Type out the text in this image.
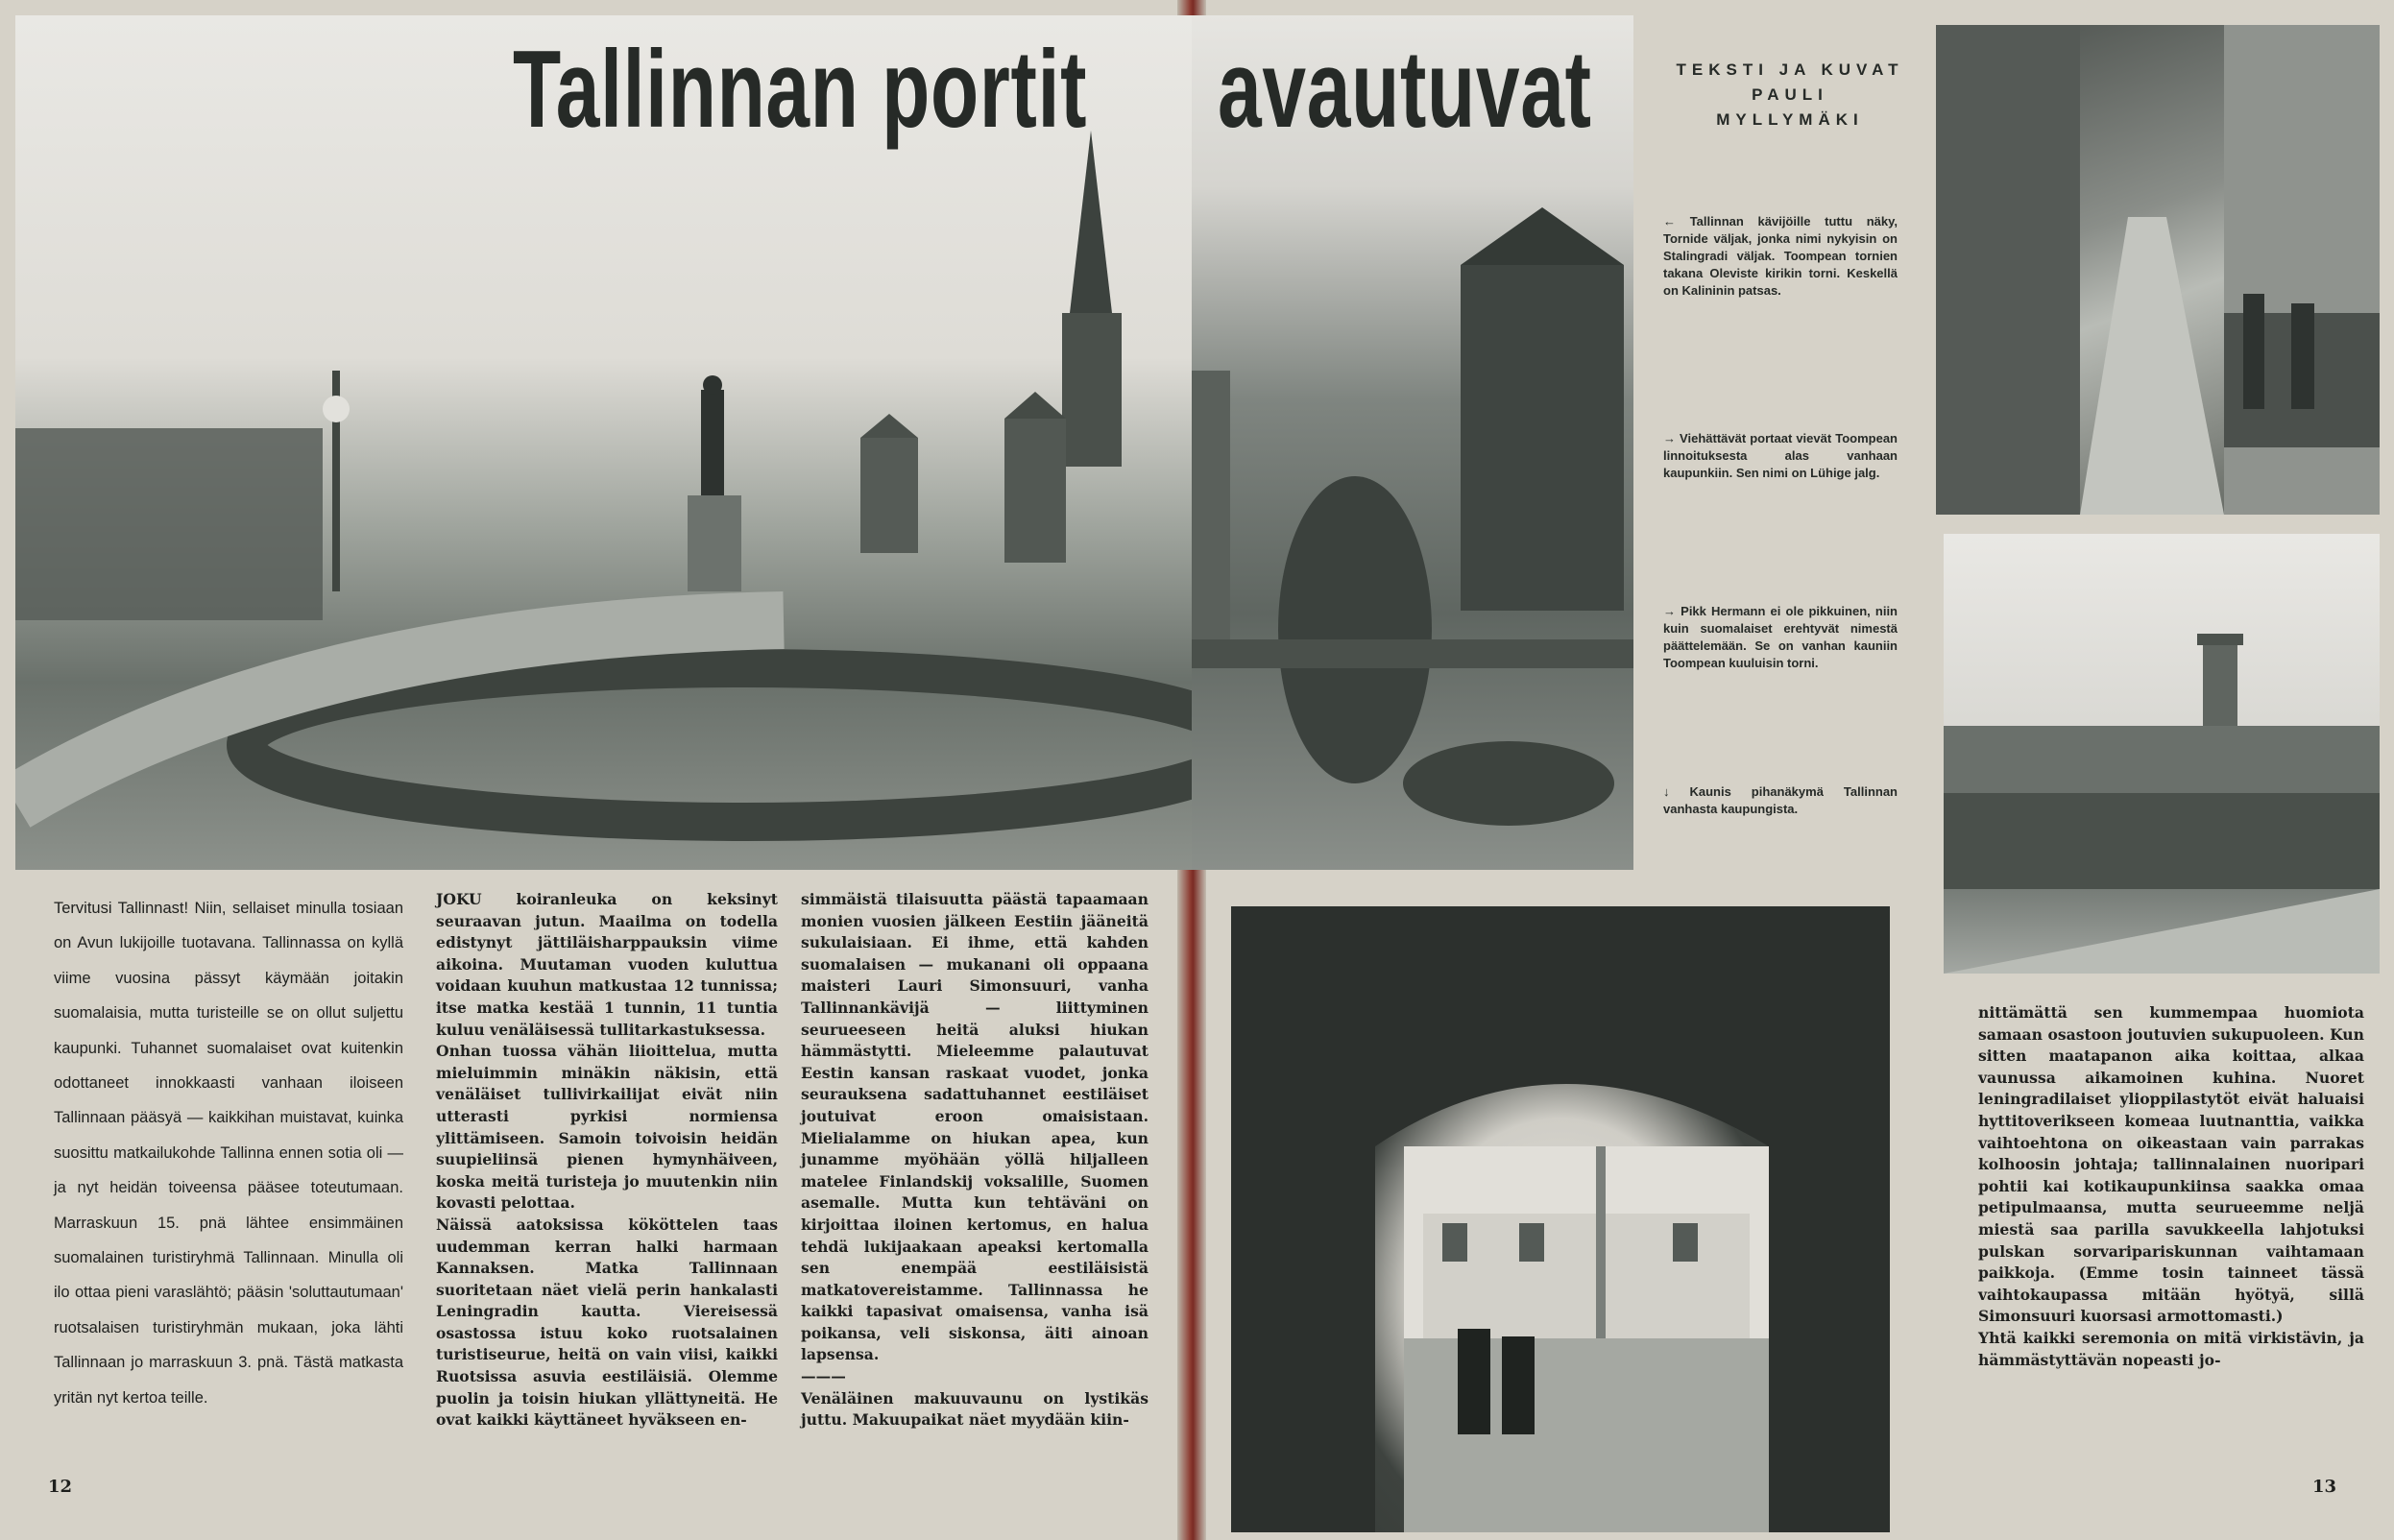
Tallinnan portit avautuvat	TEKSTI JA KUVAT
PAULI MYLLYMÄKI
← Tallinnan kävijöille tuttu näky, Tornide väljak, jonka nimi nykyisin on Stalingradi väljak. Toompean tornien takana Oleviste kirikin torni. Keskellä on Kalininin patsas.
→ Viehättävät portaat vievät Toompean linnoituksesta alas vanhaan kaupunkiin. Sen nimi on Lühige jalg.
→ Pikk Hermann ei ole pikkuinen, niin kuin suomalaiset erehtyvät nimestä päättelemään. Se on vanhan kauniin Toompean kuuluisin torni.
↓ Kaunis pihanäkymä Tallinnan vanhasta kaupungista.
Tervitusi Tallinnast! Niin, sellaiset minulla tosiaan on Avun lukijoille tuotavana. Tallinnassa on kyllä viime vuosina pässyt käymään joitakin suomalaisia, mutta turisteille se on ollut suljettu kaupunki. Tuhannet suomalaiset ovat kuitenkin odottaneet innokkaasti vanhaan iloiseen Tallinnaan pääsyä — kaikkihan muistavat, kuinka suosittu matkailukohde Tallinna ennen sotia oli — ja nyt heidän toiveensa pääsee toteutumaan. Marraskuun 15. pnä lähtee ensimmäinen suomalainen turistiryhmä Tallinnaan. Minulla oli ilo ottaa pieni varaslähtö; pääsin 'soluttautumaan' ruotsalaisen turistiryhmän mukaan, joka lähti Tallinnaan jo marraskuun 3. pnä. Tästä matkasta yritän nyt kertoa teille.
JOKU koiranleuka on keksinyt seuraavan jutun. Maailma on todella edistynyt jättiläisharppauksin viime aikoina. Muutaman vuoden kuluttua voidaan kuuhun matkustaa 12 tunnissa; itse matka kestää 1 tunnin, 11 tuntia kuluu venäläisessä tullitarkastuksessa.
Onhan tuossa vähän liioittelua, mutta mieluimmin minäkin näkisin, että venäläiset tullivirkailijat eivät niin utterasti pyrkisi normiensa ylittämiseen. Samoin toivoisin heidän suupieliinsä pienen hymynhäiveen, koska meitä turisteja jo muutenkin niin kovasti pelottaa.
Näissä aatoksissa kököttelen taas uudemman kerran halki harmaan Kannaksen. Matka Tallinnaan suoritetaan näet vielä perin hankalasti Leningradin kautta. Viereisessä osastossa istuu koko ruotsalainen turistiseurue, heitä on vain viisi, kaikki Ruotsissa asuvia eestiläisiä. Olemme puolin ja toisin hiukan yllättyneitä. He ovat kaikki käyttäneet hyväkseen en-
simmäistä tilaisuutta päästä tapaamaan monien vuosien jälkeen Eestiin jääneitä sukulaisiaan. Ei ihme, että kahden suomalaisen — mukanani oli oppaana maisteri Lauri Simonsuuri, vanha Tallinnankävijä — liittyminen seurueeseen heitä aluksi hiukan hämmästytti. Mieleemme palautuvat Eestin kansan raskaat vuodet, jonka seurauksena sadattuhannet eestiläiset joutuivat eroon omaisistaan. Mielialamme on hiukan apea, kun junamme myöhään yöllä hiljalleen matelee Finlandskij voksalille, Suomen asemalle. Mutta kun tehtäväni on kirjoittaa iloinen kertomus, en halua tehdä lukijaakaan apeaksi kertomalla sen enempää eestiläisistä matkatovereistamme. Tallinnassa he kaikki tapasivat omaisensa, vanha isä poikansa, veli siskonsa, äiti ainoan lapsensa.
———
Venäläinen makuuvaunu on lystikäs juttu. Makuupaikat näet myydään kiin-
nittämättä sen kummempaa huomiota samaan osastoon joutuvien sukupuoleen. Kun sitten maatapanon aika koittaa, alkaa vaunussa aikamoinen kuhina. Nuoret leningradilaiset ylioppilastytöt eivät haluaisi hyttitoverikseen komeaa luutnanttia, vaikka vaihtoehtona on oikeastaan vain parrakas kolhoosin johtaja; tallinnalainen nuoripari pohtii kai kotikaupunkiinsa saakka omaa petipulmaansa, mutta seurueemme neljä miestä saa parilla savukkeella lahjotuksi pulskan sorvaripariskunnan vaihtamaan paikkoja. (Emme tosin tainneet tässä vaihtokaupassa mitään hyötyä, sillä Simonsuuri kuorsasi armottomasti.)
Yhtä kaikki seremonia on mitä virkistävin, ja hämmästyttävän nopeasti jo-
12	13
